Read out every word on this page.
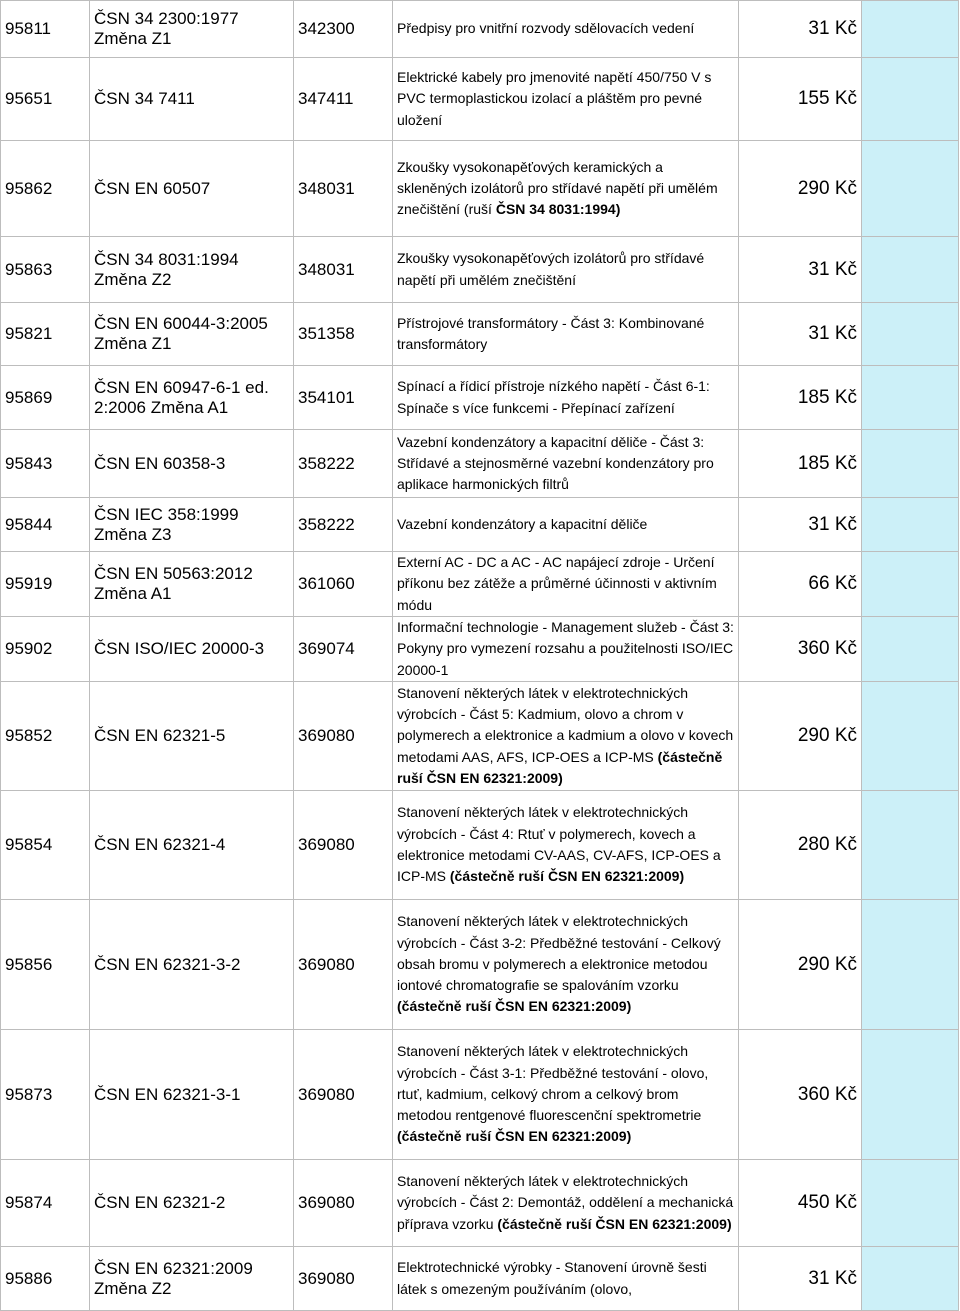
95811	ČSN 34 2300:1977 Změna Z1	342300	Předpisy pro vnitřní rozvody sdělovacích vedení	31 Kč	
95651	ČSN 34 7411	347411	Elektrické kabely pro jmenovité napětí 450/750 V s PVC termoplastickou izolací a pláštěm pro pevné uložení	155 Kč	
95862	ČSN EN 60507	348031	Zkoušky vysokonapěťových keramických a skleněných izolátorů pro střídavé napětí při umělém znečištění (ruší ČSN 34 8031:1994)	290 Kč	
95863	ČSN 34 8031:1994 Změna Z2	348031	Zkoušky vysokonapěťových izolátorů pro střídavé napětí při umělém znečištění	31 Kč	
95821	ČSN EN 60044-3:2005 Změna Z1	351358	Přístrojové transformátory - Část 3: Kombinované transformátory	31 Kč	
95869	ČSN EN 60947-6-1 ed. 2:2006 Změna A1	354101	Spínací a řídicí přístroje nízkého napětí - Část 6-1: Spínače s více funkcemi - Přepínací zařízení	185 Kč	
95843	ČSN EN 60358-3	358222	Vazební kondenzátory a kapacitní děliče - Část 3: Střídavé a stejnosměrné vazební kondenzátory pro aplikace harmonických filtrů	185 Kč	
95844	ČSN IEC 358:1999 Změna Z3	358222	Vazební kondenzátory a kapacitní děliče	31 Kč	
95919	ČSN EN 50563:2012 Změna A1	361060	Externí AC - DC a AC - AC napájecí zdroje - Určení příkonu bez zátěže a průměrné účinnosti v aktivním módu	66 Kč	
95902	ČSN ISO/IEC 20000-3	369074	Informační technologie - Management služeb - Část 3: Pokyny pro vymezení rozsahu a použitelnosti ISO/IEC 20000-1	360 Kč	
95852	ČSN EN 62321-5	369080	Stanovení některých látek v elektrotechnických výrobcích - Část 5: Kadmium, olovo a chrom v polymerech a elektronice a kadmium a olovo v kovech metodami AAS, AFS, ICP-OES a ICP-MS (částečně ruší ČSN EN 62321:2009)	290 Kč	
95854	ČSN EN 62321-4	369080	Stanovení některých látek v elektrotechnických výrobcích - Část 4: Rtuť v polymerech, kovech a elektronice metodami CV-AAS, CV-AFS, ICP-OES a ICP-MS (částečně ruší ČSN EN 62321:2009)	280 Kč	
95856	ČSN EN 62321-3-2	369080	Stanovení některých látek v elektrotechnických výrobcích - Část 3-2: Předběžné testování - Celkový obsah bromu v polymerech a elektronice metodou iontové chromatografie se spalováním vzorku (částečně ruší ČSN EN 62321:2009)	290 Kč	
95873	ČSN EN 62321-3-1	369080	Stanovení některých látek v elektrotechnických výrobcích - Část 3-1: Předběžné testování - olovo, rtuť, kadmium, celkový chrom a celkový brom metodou rentgenové fluorescenční spektrometrie (částečně ruší ČSN EN 62321:2009)	360 Kč	
95874	ČSN EN 62321-2	369080	Stanovení některých látek v elektrotechnických výrobcích - Část 2: Demontáž, oddělení a mechanická příprava vzorku (částečně ruší ČSN EN 62321:2009)	450 Kč	
95886	ČSN EN 62321:2009 Změna Z2	369080	Elektrotechnické výrobky - Stanovení úrovně šesti látek s omezeným používáním (olovo,	31 Kč	
